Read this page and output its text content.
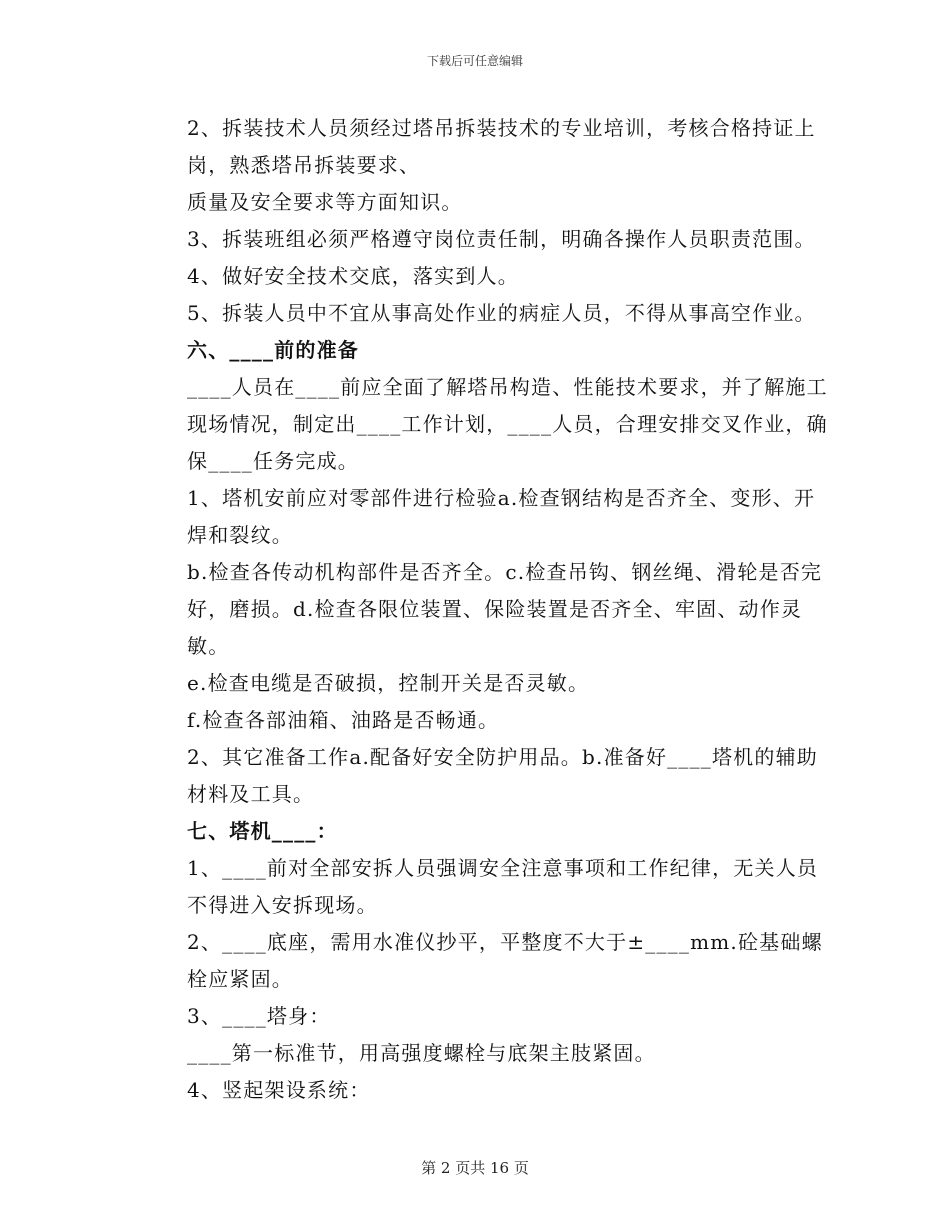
下载后可任意编辑

2、拆装技术人员须经过塔吊拆装技术的专业培训，考核合格持证上岗，熟悉塔吊拆装要求、

质量及安全要求等方面知识。

3、拆装班组必须严格遵守岗位责任制，明确各操作人员职责范围。

4、做好安全技术交底，落实到人。

5、拆装人员中不宜从事高处作业的病症人员，不得从事高空作业。

六、____前的准备

____人员在____前应全面了解塔吊构造、性能技术要求，并了解施工现场情况，制定出____工作计划，____人员，合理安排交叉作业，确保____任务完成。

1、塔机安前应对零部件进行检验a.检查钢结构是否齐全、变形、开焊和裂纹。

b.检查各传动机构部件是否齐全。c.检查吊钩、钢丝绳、滑轮是否完好，磨损。d.检查各限位装置、保险装置是否齐全、牢固、动作灵敏。

e.检查电缆是否破损，控制开关是否灵敏。

f.检查各部油箱、油路是否畅通。

2、其它准备工作a.配备好安全防护用品。b.准备好____塔机的辅助材料及工具。

七、塔机____：

1、____前对全部安拆人员强调安全注意事项和工作纪律，无关人员不得进入安拆现场。

2、____底座，需用水准仪抄平，平整度不大于±____mm.砼基础螺栓应紧固。

3、____塔身：

____第一标准节，用高强度螺栓与底架主肢紧固。

4、竖起架设系统：

第 2 页共 16 页
